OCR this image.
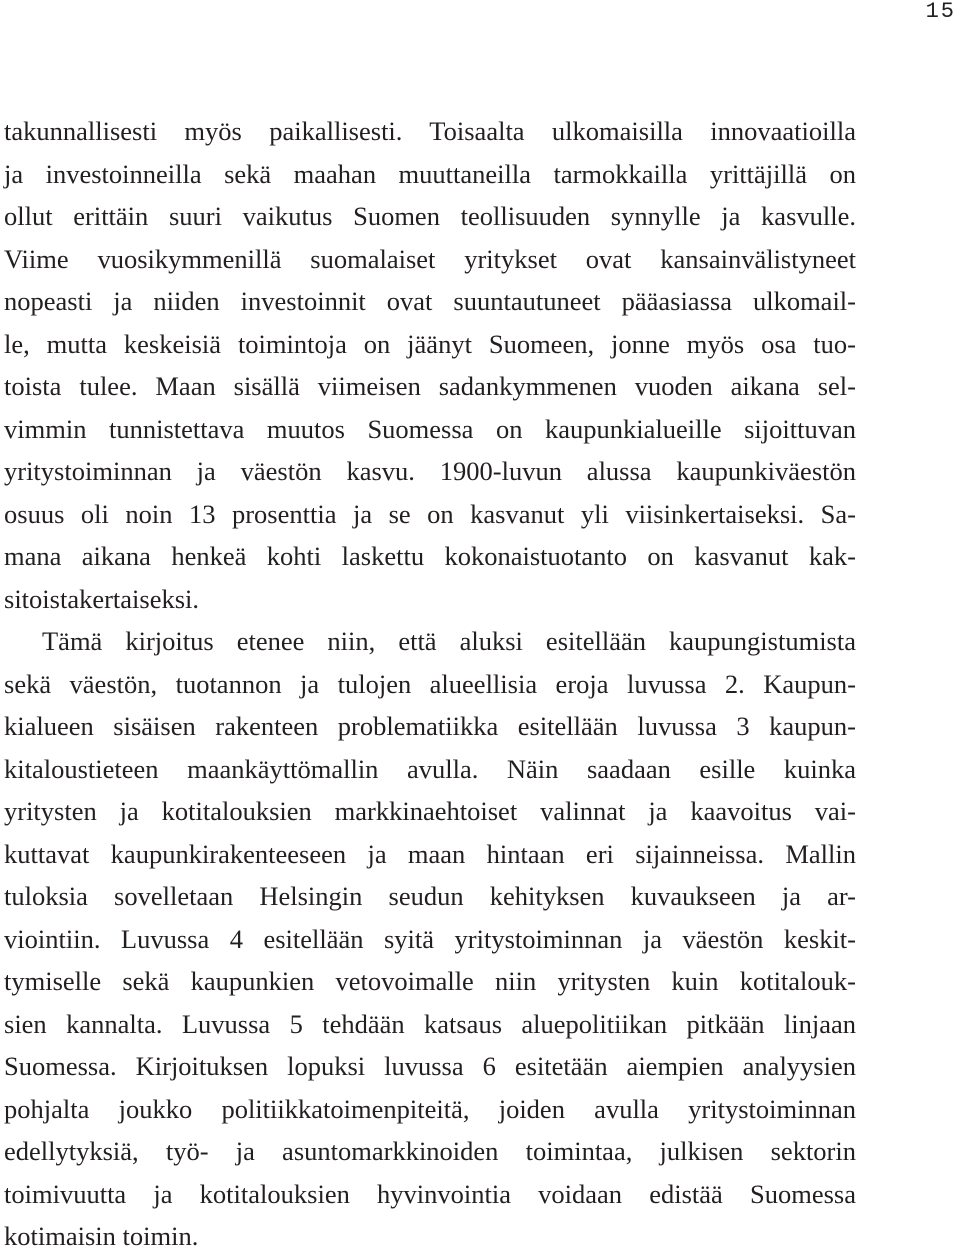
15
takunnallisesti myös paikallisesti. Toisaalta ulkomaisilla innovaatioilla
ja investoinneilla sekä maahan muuttaneilla tarmokkailla yrittäjillä on
ollut erittäin suuri vaikutus Suomen teollisuuden synnylle ja kasvulle.
Viime vuosikymmenillä suomalaiset yritykset ovat kansainvälistyneet
nopeasti ja niiden investoinnit ovat suuntautuneet pääasiassa ulkomail-
le, mutta keskeisiä toimintoja on jäänyt Suomeen, jonne myös osa tuo-
toista tulee. Maan sisällä viimeisen sadankymmenen vuoden aikana sel-
vimmin tunnistettava muutos Suomessa on kaupunkialueille sijoittuvan
yritystoiminnan ja väestön kasvu. 1900-luvun alussa kaupunkiväestön
osuus oli noin 13 prosenttia ja se on kasvanut yli viisinkertaiseksi. Sa-
mana aikana henkeä kohti laskettu kokonaistuotanto on kasvanut kak-
sitoistakertaiseksi.
Tämä kirjoitus etenee niin, että aluksi esitellään kaupungistumista
sekä väestön, tuotannon ja tulojen alueellisia eroja luvussa 2. Kaupun-
kialueen sisäisen rakenteen problematiikka esitellään luvussa 3 kaupun-
kitaloustieteen maankäyttömallin avulla. Näin saadaan esille kuinka
yritysten ja kotitalouksien markkinaehtoiset valinnat ja kaavoitus vai-
kuttavat kaupunkirakenteeseen ja maan hintaan eri sijainneissa. Mallin
tuloksia sovelletaan Helsingin seudun kehityksen kuvaukseen ja ar-
viointiin. Luvussa 4 esitellään syitä yritystoiminnan ja väestön keskit-
tymiselle sekä kaupunkien vetovoimalle niin yritysten kuin kotitalouk-
sien kannalta. Luvussa 5 tehdään katsaus aluepolitiikan pitkään linjaan
Suomessa. Kirjoituksen lopuksi luvussa 6 esitetään aiempien analyysien
pohjalta joukko politiikkatoimenpiteitä, joiden avulla yritystoiminnan
edellytyksiä, työ- ja asuntomarkkinoiden toimintaa, julkisen sektorin
toimivuutta ja kotitalouksien hyvinvointia voidaan edistää Suomessa
kotimaisin toimin.
